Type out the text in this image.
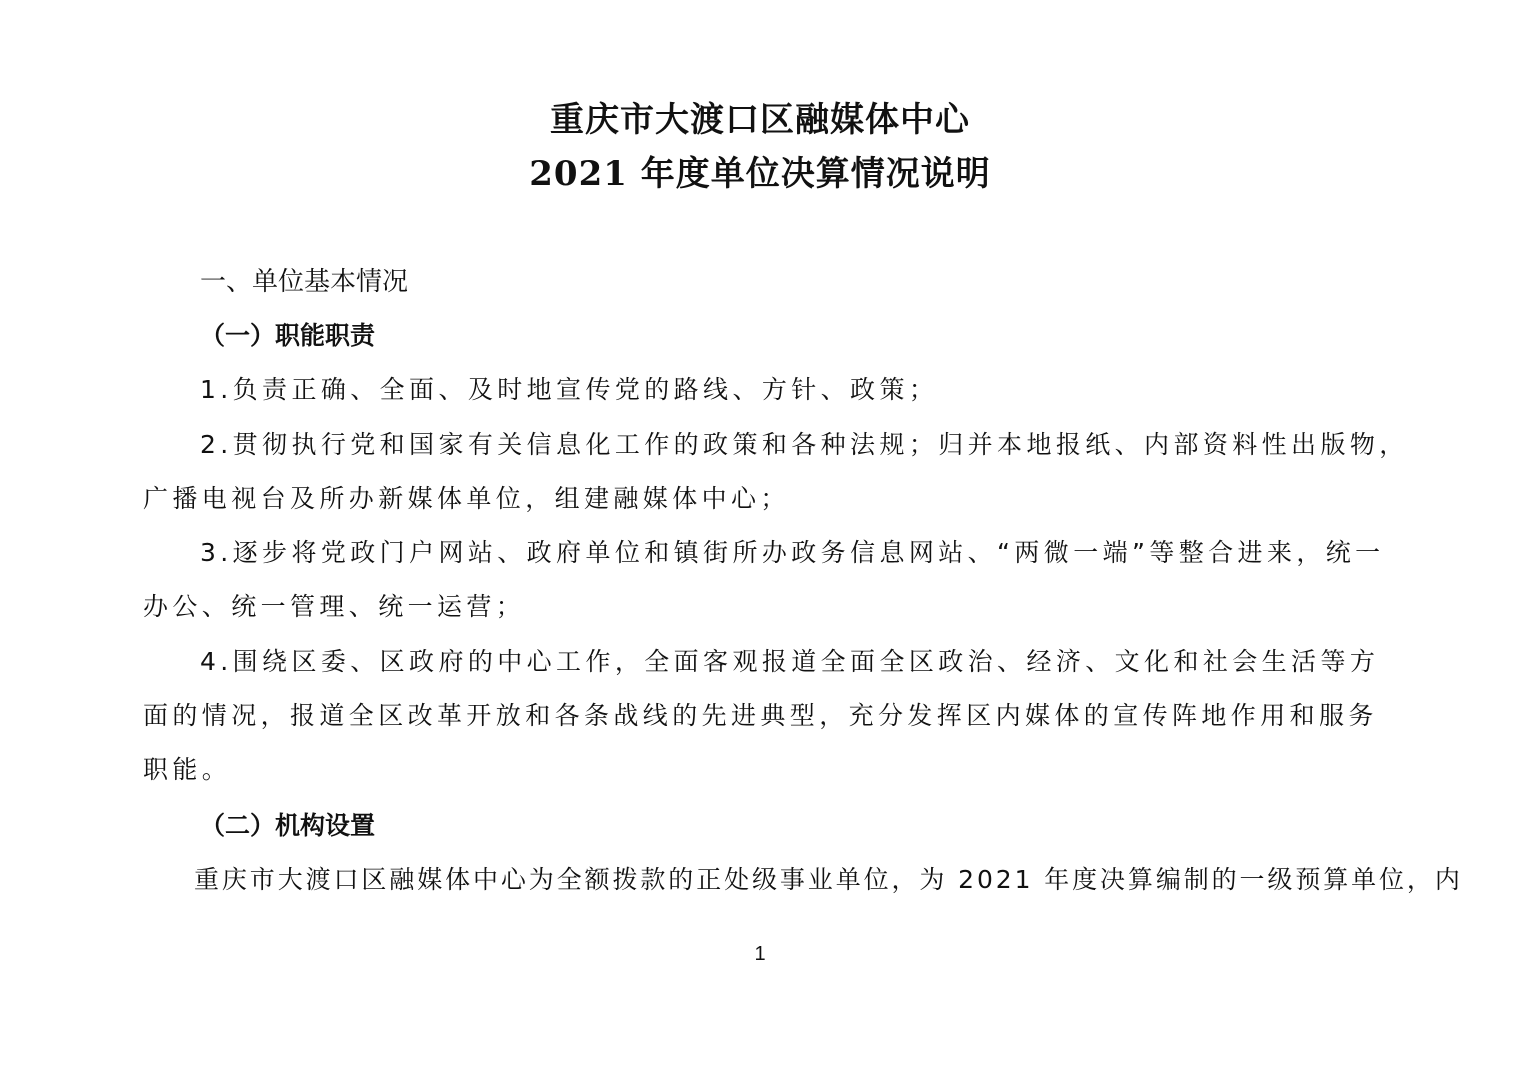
重庆市大渡口区融媒体中心
2021 年度单位决算情况说明

一、单位基本情况

（一）职能职责

1.负责正确、全面、及时地宣传党的路线、方针、政策；

2.贯彻执行党和国家有关信息化工作的政策和各种法规；归并本地报纸、内部资料性出版物，

广播电视台及所办新媒体单位，组建融媒体中心；

3.逐步将党政门户网站、政府单位和镇街所办政务信息网站、“两微一端”等整合进来，统一

办公、统一管理、统一运营；

4.围绕区委、区政府的中心工作，全面客观报道全面全区政治、经济、文化和社会生活等方

面的情况，报道全区改革开放和各条战线的先进典型，充分发挥区内媒体的宣传阵地作用和服务

职能。

（二）机构设置

重庆市大渡口区融媒体中心为全额拨款的正处级事业单位，为 2021 年度决算编制的一级预算单位，内

1
